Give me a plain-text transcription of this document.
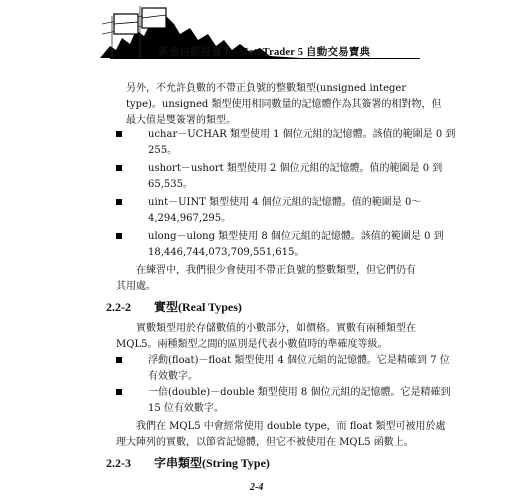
黃金白銀投資 Ⅰ --MetaTrader 5 自動交易寶典
另外，不允許負數的不帶正負號的整數類型(unsigned integer
type)。unsigned 類型使用相同數量的記憶體作為其簽署的相對物，但
最大值是雙簽署的類型。
uchar－UCHAR 類型使用 1 個位元組的記憶體。該值的範圍是 0 到
255。
ushort－ushort 類型使用 2 個位元組的記憶體。值的範圍是 0 到
65,535。
uint－UINT 類型使用 4 個位元組的記憶體。值的範圍是 0～
4,294,967,295。
ulong－ulong 類型使用 8 個位元組的記憶體。該值的範圍是 0 到
18,446,744,073,709,551,615。
在練習中，我們很少會使用不帶正負號的整數類型，但它們仍有
其用處。
2.2-2 實型(Real Types)
實數類型用於存儲數值的小數部分，如價格。實數有兩種類型在
MQL5。兩種類型之間的區別是代表小數值時的準確度等級。
浮動(float)－float 類型使用 4 個位元組的記憶體。它是精確到 7 位
有效數字。
一倍(double)－double 類型使用 8 個位元組的記憶體。它是精確到
15 位有效數字。
我們在 MQL5 中會經常使用 double type，而 float 類型可被用於處
理大陣列的實數，以節省記憶體，但它不被使用在 MQL5 函數上。
2.2-3 字串類型(String Type)
2-4
